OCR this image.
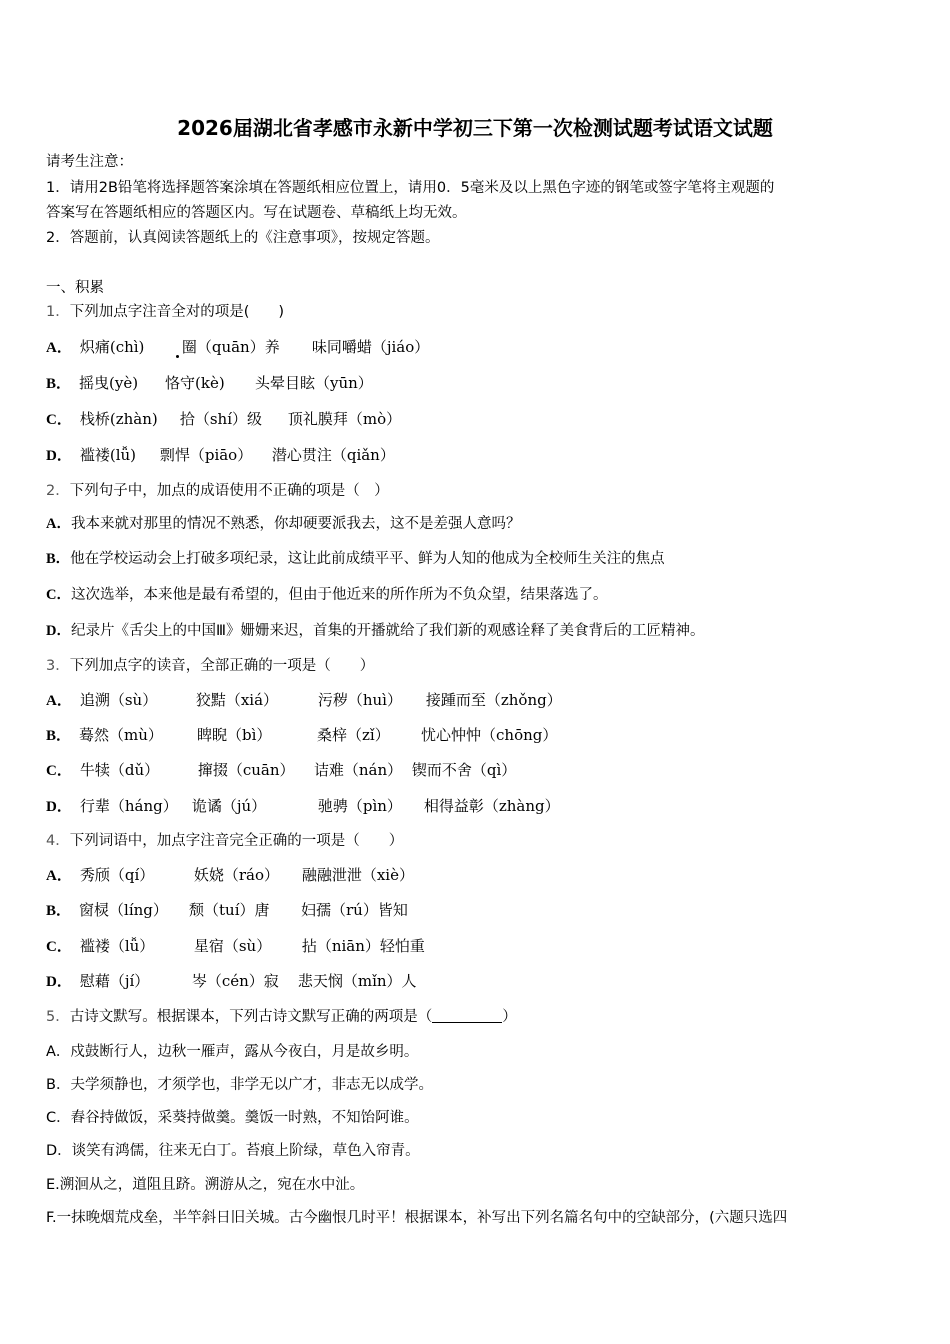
2026届湖北省孝感市永新中学初三下第一次检测试题考试语文试题
请考生注意：
1．请用2B铅笔将选择题答案涂填在答题纸相应位置上，请用0．5毫米及以上黑色字迹的钢笔或签字笔将主观题的
答案写在答题纸相应的答题区内。写在试题卷、草稿纸上均无效。
2．答题前，认真阅读答题纸上的《注意事项》，按规定答题。
一、积累
1．下列加点字注音全对的项是(　　)
A． 炽痛(chì) 圈（quān）养 味同嚼蜡（jiáo）
B． 摇曳(yè) 恪守(kè) 头晕目眩（yūn）
C． 栈桥(zhàn) 拾（shí）级 顶礼膜拜（mò）
D． 褴褛(lǚ) 剽悍（piāo） 潜心贯注（qiǎn）
2．下列句子中，加点的成语使用不正确的项是（　）
A．我本来就对那里的情况不熟悉，你却硬要派我去，这不是差强人意吗？
B．他在学校运动会上打破多项纪录，这让此前成绩平平、鲜为人知的他成为全校师生关注的焦点
C．这次选举，本来他是最有希望的，但由于他近来的所作所为不负众望，结果落选了。
D．纪录片《舌尖上的中国Ⅲ》姗姗来迟，首集的开播就给了我们新的观感诠释了美食背后的工匠精神。
3．下列加点字的读音，全部正确的一项是（　　）
A． 追溯（sù）	狡黠（xiá）	污秽（huì） 接踵而至（zhǒng）
B． 蓦然（mù） 睥睨（bì）	桑梓（zǐ） 忧心忡忡（chōng）
C． 牛犊（dǔ）	撺掇（cuān） 诘难（nán） 锲而不舍（qì）
D． 行辈（háng） 诡谲（jú）	驰骋（pìn） 相得益彰（zhàng）
4．下列词语中，加点字注音完全正确的一项是（　　）
A． 秀颀（qí）	妖娆（ráo） 融融泄泄（xiè）
B． 窗棂（líng） 颓（tuí）唐 妇孺（rú）皆知
C． 褴褛（lǚ）	星宿（sù） 拈（niān）轻怕重
D． 慰藉（jí）	岑（cén）寂 悲天悯（mǐn）人
5．古诗文默写。根据课本，下列古诗文默写正确的两项是（	）
A．戍鼓断行人，边秋一雁声，露从今夜白，月是故乡明。
B．夫学须静也，才须学也，非学无以广才，非志无以成学。
C．舂谷持做饭，采葵持做羹。羹饭一时熟，不知饴阿谁。
D．谈笑有鸿儒，往来无白丁。苔痕上阶绿，草色入帘青。
E.溯洄从之，道阻且跻。溯游从之，宛在水中沚。
F.一抹晚烟荒戍垒，半竿斜日旧关城。古今幽恨几时平！根据课本，补写出下列名篇名句中的空缺部分，(六题只选四
